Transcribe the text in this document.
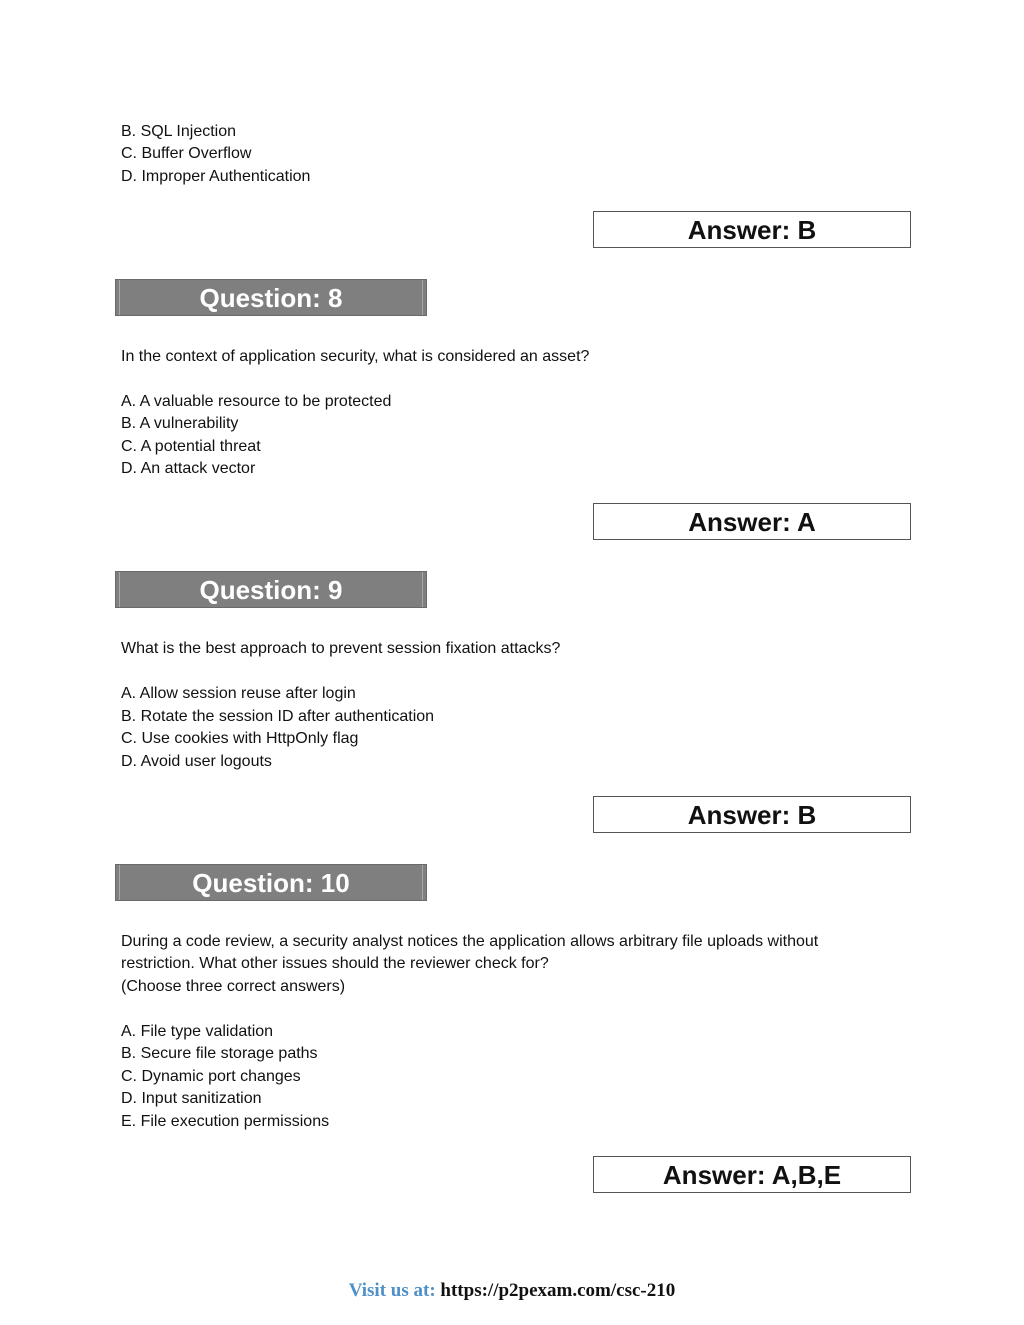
B. SQL Injection
C. Buffer Overflow
D. Improper Authentication
Answer: B
Question: 8
In the context of application security, what is considered an asset?
A. A valuable resource to be protected
B. A vulnerability
C. A potential threat
D. An attack vector
Answer: A
Question: 9
What is the best approach to prevent session fixation attacks?
A. Allow session reuse after login
B. Rotate the session ID after authentication
C. Use cookies with HttpOnly flag
D. Avoid user logouts
Answer: B
Question: 10
During a code review, a security analyst notices the application allows arbitrary file uploads without
restriction. What other issues should the reviewer check for?
(Choose three correct answers)
A. File type validation
B. Secure file storage paths
C. Dynamic port changes
D. Input sanitization
E. File execution permissions
Answer: A,B,E
Visit us at: https://p2pexam.com/csc-210
